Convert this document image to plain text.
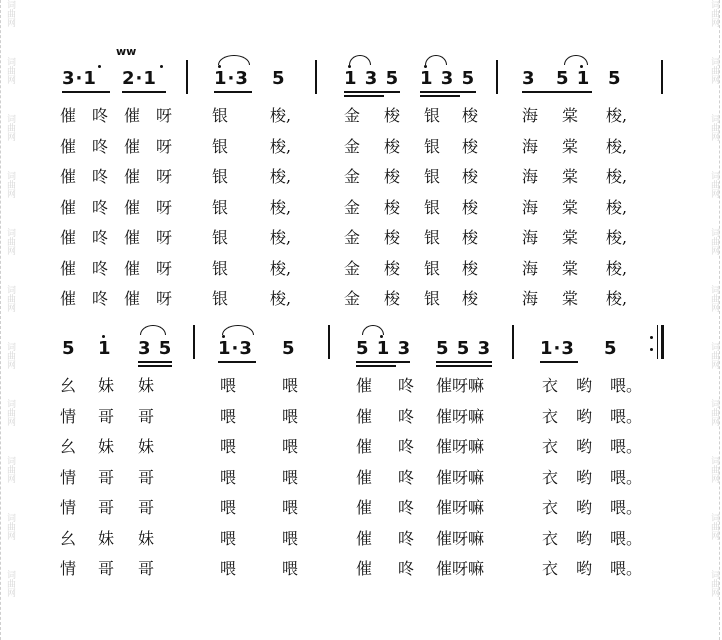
词曲网
词曲网
词曲网
词曲网
词曲网
词曲网
词曲网
词曲网
词曲网
词曲网
词曲网
词曲网
词曲网
词曲网
词曲网
词曲网
词曲网
词曲网
词曲网
词曲网
词曲网
词曲网
ww
3·1 2·1	1·3 5	1 3 5 1 3 5	3 5 1 5
催 咚 催 呀 银	梭,	金 梭 银 梭	海 棠 梭,
催 咚 催 呀 银	梭,	金 梭 银 梭	海 棠 梭,
催 咚 催 呀 银	梭,	金 梭 银 梭	海 棠 梭,
催 咚 催 呀 银	梭,	金 梭 银 梭	海 棠 梭,
催 咚 催 呀 银	梭,	金 梭 银 梭	海 棠 梭,
催 咚 催 呀 银	梭,	金 梭 银 梭	海 棠 梭,
催 咚 催 呀 银	梭,	金 梭 银 梭	海 棠 梭,
5 1 3 5	1·3 5	5 1 3 5 5 3	1·3 5
幺 妹 妹	喂	喂	催 咚 催呀嘛	衣 哟 喂。
情 哥 哥	喂	喂	催 咚 催呀嘛	衣 哟 喂。
幺 妹 妹	喂	喂	催 咚 催呀嘛	衣 哟 喂。
情 哥 哥	喂	喂	催 咚 催呀嘛	衣 哟 喂。
情 哥 哥	喂	喂	催 咚 催呀嘛	衣 哟 喂。
幺 妹 妹	喂	喂	催 咚 催呀嘛	衣 哟 喂。
情 哥 哥	喂	喂	催 咚 催呀嘛	衣 哟 喂。
